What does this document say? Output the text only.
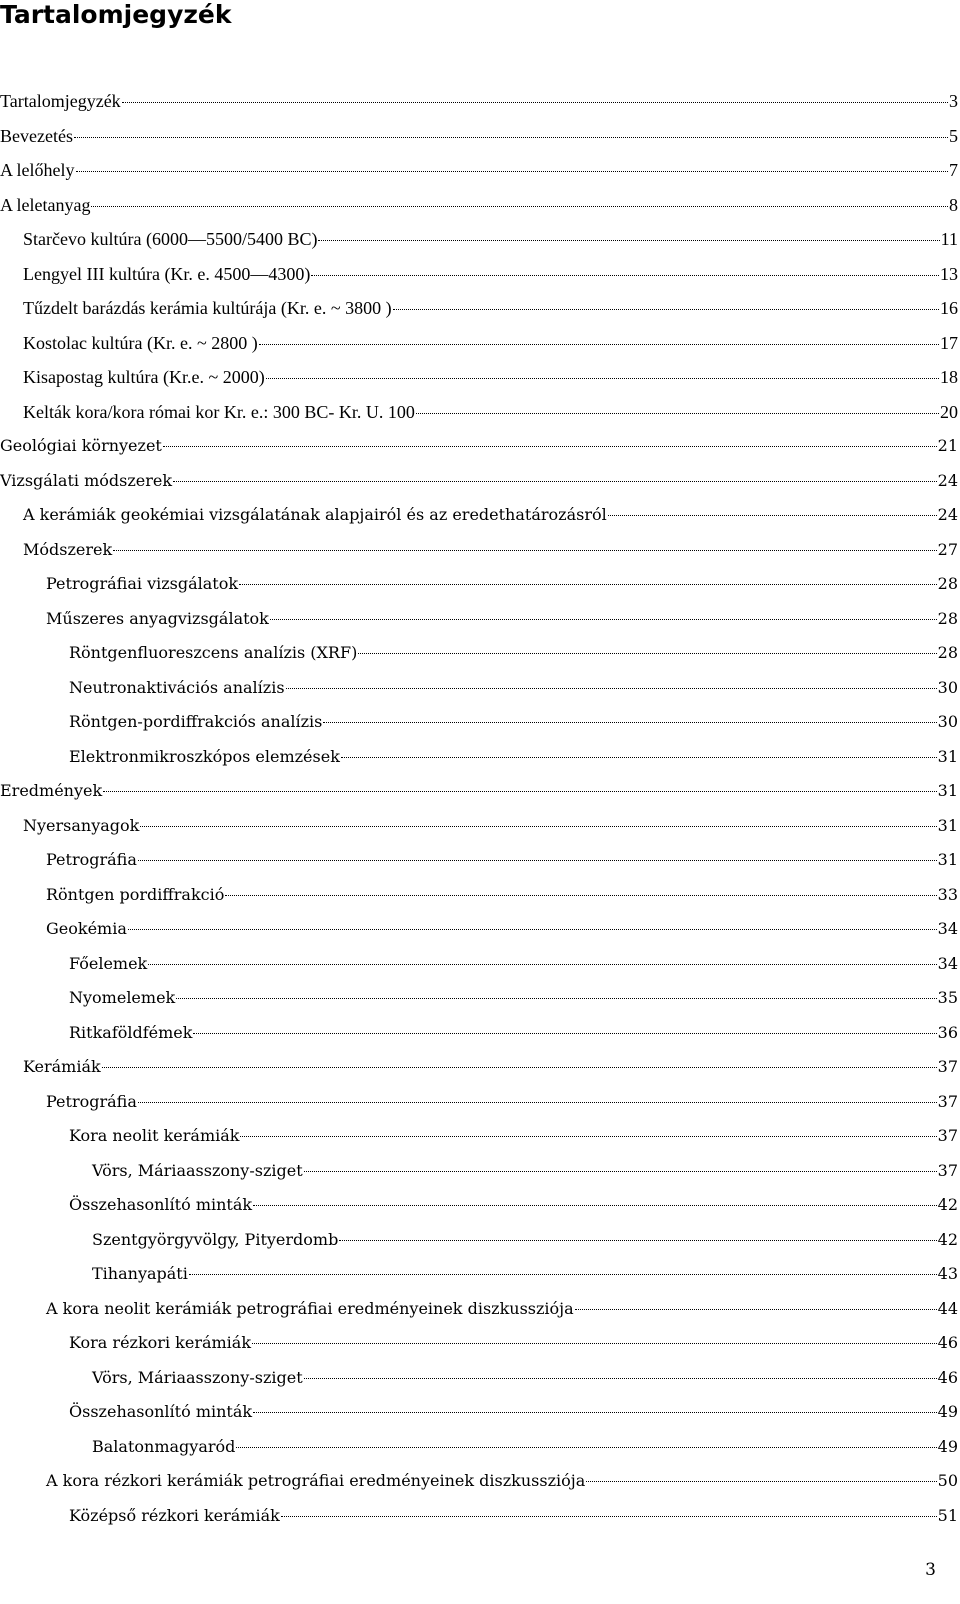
Tartalomjegyzék
Tartalomjegyzék	3
Bevezetés	5
A lelőhely	7
A leletanyag	8
Starčevo kultúra (6000—5500/5400 BC)	11
Lengyel III kultúra (Kr. e. 4500—4300)	13
Tűzdelt barázdás kerámia kultúrája (Kr. e. ~ 3800 )	16
Kostolac kultúra (Kr. e. ~ 2800 )	17
Kisapostag kultúra (Kr.e. ~ 2000)	18
Kelták kora/kora római kor Kr. e.: 300 BC- Kr. U. 100	20
Geológiai környezet	21
Vizsgálati módszerek	24
A kerámiák geokémiai vizsgálatának alapjairól és az eredethatározásról	24
Módszerek	27
Petrográfiai vizsgálatok	28
Műszeres anyagvizsgálatok	28
Röntgenfluoreszcens analízis (XRF)	28
Neutronaktivációs analízis	30
Röntgen-pordiffrakciós analízis	30
Elektronmikroszkópos elemzések	31
Eredmények	31
Nyersanyagok	31
Petrográfia	31
Röntgen pordiffrakció	33
Geokémia	34
Főelemek	34
Nyomelemek	35
Ritkaföldfémek	36
Kerámiák	37
Petrográfia	37
Kora neolit kerámiák	37
Vörs, Máriaasszony-sziget	37
Összehasonlító minták	42
Szentgyörgyvölgy, Pityerdomb	42
Tihanyapáti	43
A kora neolit kerámiák petrográfiai eredményeinek diszkussziója	44
Kora rézkori kerámiák	46
Vörs, Máriaasszony-sziget	46
Összehasonlító minták	49
Balatonmagyaród	49
A kora rézkori kerámiák petrográfiai eredményeinek diszkussziója	50
Középső rézkori kerámiák	51
3
